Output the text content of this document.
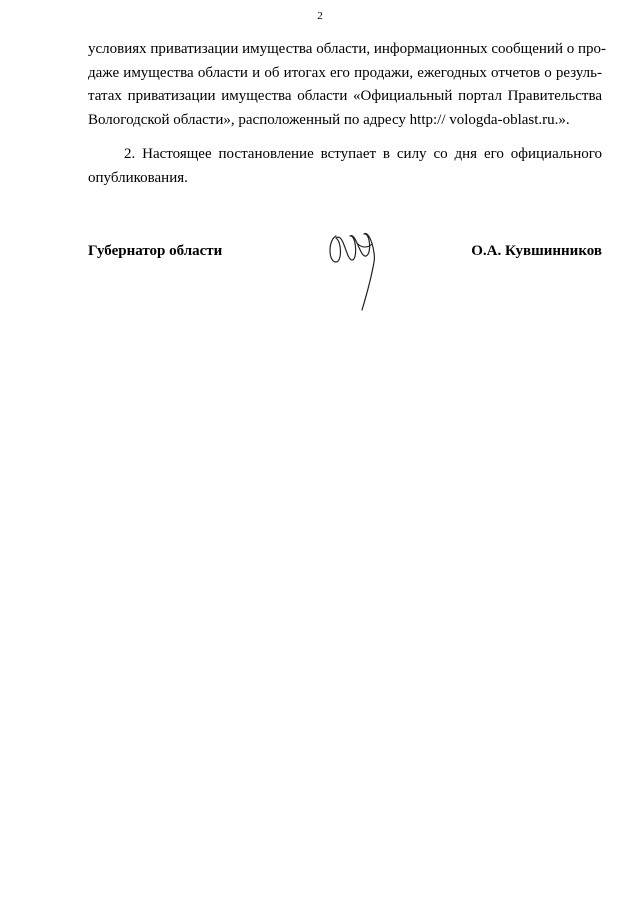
2
условиях приватизации имущества области, информационных сообщений о про-
даже имущества области и об итогах его продажи, ежегодных отчетов о резуль-
татах приватизации имущества области «Официальный портал Правительства
Вологодской области», расположенный по адресу http:// vologda-oblast.ru.».
2. Настоящее постановление вступает в силу со дня его официального
опубликования.
Губернатор области	О.А. Кувшинников
